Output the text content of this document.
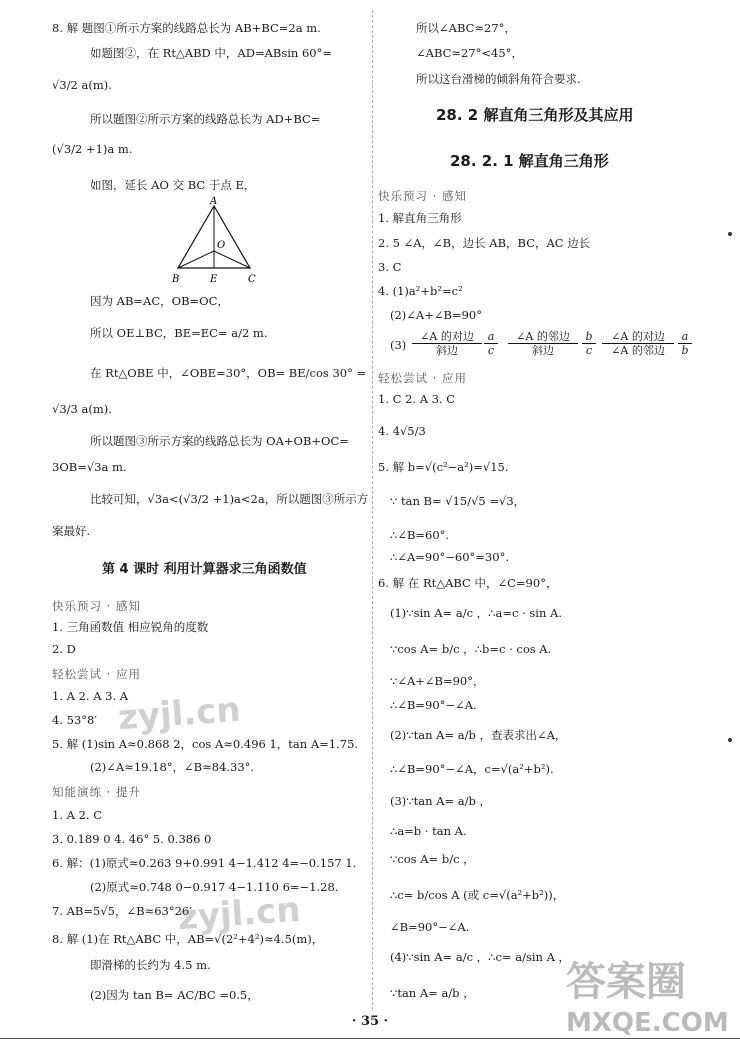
8. 解 题图①所示方案的线路总长为 AB+BC=2a m.
如题图②，在 Rt△ABD 中，AD=ABsin 60°=
√3/2 a(m).
所以题图②所示方案的线路总长为 AD+BC=
(√3/2 +1)a m.
如图，延长 AO 交 BC 于点 E，
A
O
B	E	C
因为 AB=AC，OB=OC，
所以 OE⊥BC，BE=EC= a/2 m.
在 Rt△OBE 中，∠OBE=30°，OB= BE/cos 30° =
√3/3 a(m).
所以题图③所示方案的线路总长为 OA+OB+OC=
3OB=√3a m.
比较可知，√3a<(√3/2 +1)a<2a，所以题图③所示方
案最好.
第 4 课时 利用计算器求三角函数值
快乐预习 · 感知
1. 三角函数值 相应锐角的度数
2. D
轻松尝试 · 应用
1. A 2. A 3. A
4. 53°8′
5. 解 (1)sin A≈0.868 2，cos A≈0.496 1，tan A=1.75.
(2)∠A≈19.18°，∠B≈84.33°.
知能演练 · 提升
1. A 2. C
3. 0.189 0 4. 46° 5. 0.386 0
6. 解：(1)原式≈0.263 9+0.991 4−1.412 4=−0.157 1.
(2)原式≈0.748 0−0.917 4−1.110 6=−1.28.
7. AB=5√5，∠B≈63°26′
8. 解 (1)在 Rt△ABC 中，AB=√(2²+4²)≈4.5(m)，
即滑梯的长约为 4.5 m.
(2)因为 tan B= AC/BC =0.5，
所以∠ABC≈27°，
∠ABC≈27°<45°，
所以这台滑梯的倾斜角符合要求.
28. 2 解直角三角形及其应用
28. 2. 1 解直角三角形
快乐预习 · 感知
1. 解直角三角形
2. 5 ∠A，∠B，边长 AB，BC，AC 边长
3. C
4. (1)a²+b²=c²
(2)∠A+∠B=90°
(3)
∠A 的对边
斜边
a
c
∠A 的邻边
斜边
b
c
∠A 的对边
∠A 的邻边
a
b
轻松尝试 · 应用
1. C 2. A 3. C
4. 4√5/3
5. 解 b=√(c²−a²)=√15.
∵ tan B= √15/√5 =√3，
∴∠B=60°.
∴∠A=90°−60°=30°.
6. 解 在 Rt△ABC 中，∠C=90°，
(1)∵sin A= a/c ，∴a=c · sin A.
∵cos A= b/c ，∴b=c · cos A.
∵∠A+∠B=90°，
∴∠B=90°−∠A.
(2)∵tan A= a/b ，查表求出∠A，
∴∠B=90°−∠A，c=√(a²+b²).
(3)∵tan A= a/b ，
∴a=b · tan A.
∵cos A= b/c ，
∴c= b/cos A (或 c=√(a²+b²))，
∠B=90°−∠A.
(4)∵sin A= a/c ，∴c= a/sin A ，
∵tan A= a/b ，
zyjl.cn
zyjl.cn
答案圈
MXQE.COM
· 35 ·
